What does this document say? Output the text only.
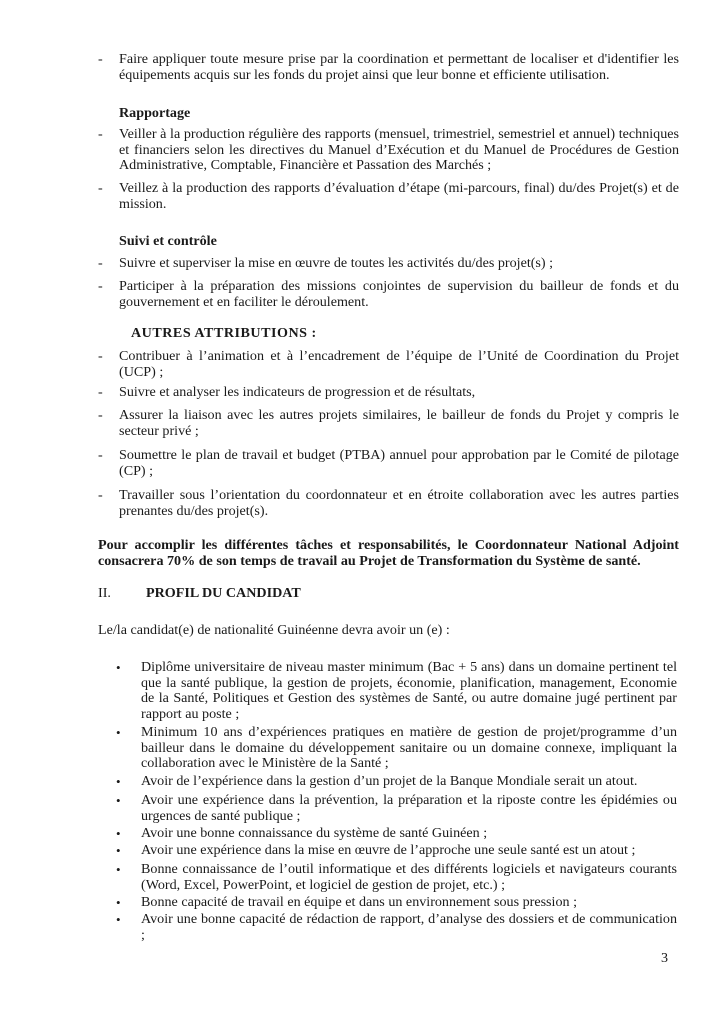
- Faire appliquer toute mesure prise par la coordination et permettant de localiser et d'identifier les équipements acquis sur les fonds du projet ainsi que leur bonne et efficiente utilisation.
Rapportage
- Veiller à la production régulière des rapports (mensuel, trimestriel, semestriel et annuel) techniques et financiers selon les directives du Manuel d’Exécution et du Manuel de Procédures de Gestion Administrative, Comptable, Financière et Passation des Marchés ;
- Veillez à la production des rapports d’évaluation d’étape (mi-parcours, final) du/des Projet(s) et de mission.
Suivi et contrôle
- Suivre et superviser la mise en œuvre de toutes les activités du/des projet(s) ;
- Participer à la préparation des missions conjointes de supervision du bailleur de fonds et du gouvernement et en faciliter le déroulement.
AUTRES ATTRIBUTIONS :
- Contribuer à l’animation et à l’encadrement de l’équipe de l’Unité de Coordination du Projet (UCP) ;
- Suivre et analyser les indicateurs de progression et de résultats,
- Assurer la liaison avec les autres projets similaires, le bailleur de fonds du Projet y compris le secteur privé ;
- Soumettre le plan de travail et budget (PTBA) annuel pour approbation par le Comité de pilotage (CP) ;
- Travailler sous l’orientation du coordonnateur et en étroite collaboration avec les autres parties prenantes du/des projet(s).
Pour accomplir les différentes tâches et responsabilités, le Coordonnateur National Adjoint consacrera 70% de son temps de travail au Projet de Transformation du Système de santé.
II. PROFIL DU CANDIDAT
Le/la candidat(e) de nationalité Guinéenne devra avoir un (e) :
• Diplôme universitaire de niveau master minimum (Bac + 5 ans) dans un domaine pertinent tel que la santé publique, la gestion de projets, économie, planification, management, Economie de la Santé, Politiques et Gestion des systèmes de Santé, ou autre domaine jugé pertinent par rapport au poste ;
• Minimum 10 ans d’expériences pratiques en matière de gestion de projet/programme d’un bailleur dans le domaine du développement sanitaire ou un domaine connexe, impliquant la collaboration avec le Ministère de la Santé ;
• Avoir de l’expérience dans la gestion d’un projet de la Banque Mondiale serait un atout.
• Avoir une expérience dans la prévention, la préparation et la riposte contre les épidémies ou urgences de santé publique ;
• Avoir une bonne connaissance du système de santé Guinéen ;
• Avoir une expérience dans la mise en œuvre de l’approche une seule santé est un atout ;
• Bonne connaissance de l’outil informatique et des différents logiciels et navigateurs courants (Word, Excel, PowerPoint, et logiciel de gestion de projet, etc.) ;
• Bonne capacité de travail en équipe et dans un environnement sous pression ;
• Avoir une bonne capacité de rédaction de rapport, d’analyse des dossiers et de communication ;
3
